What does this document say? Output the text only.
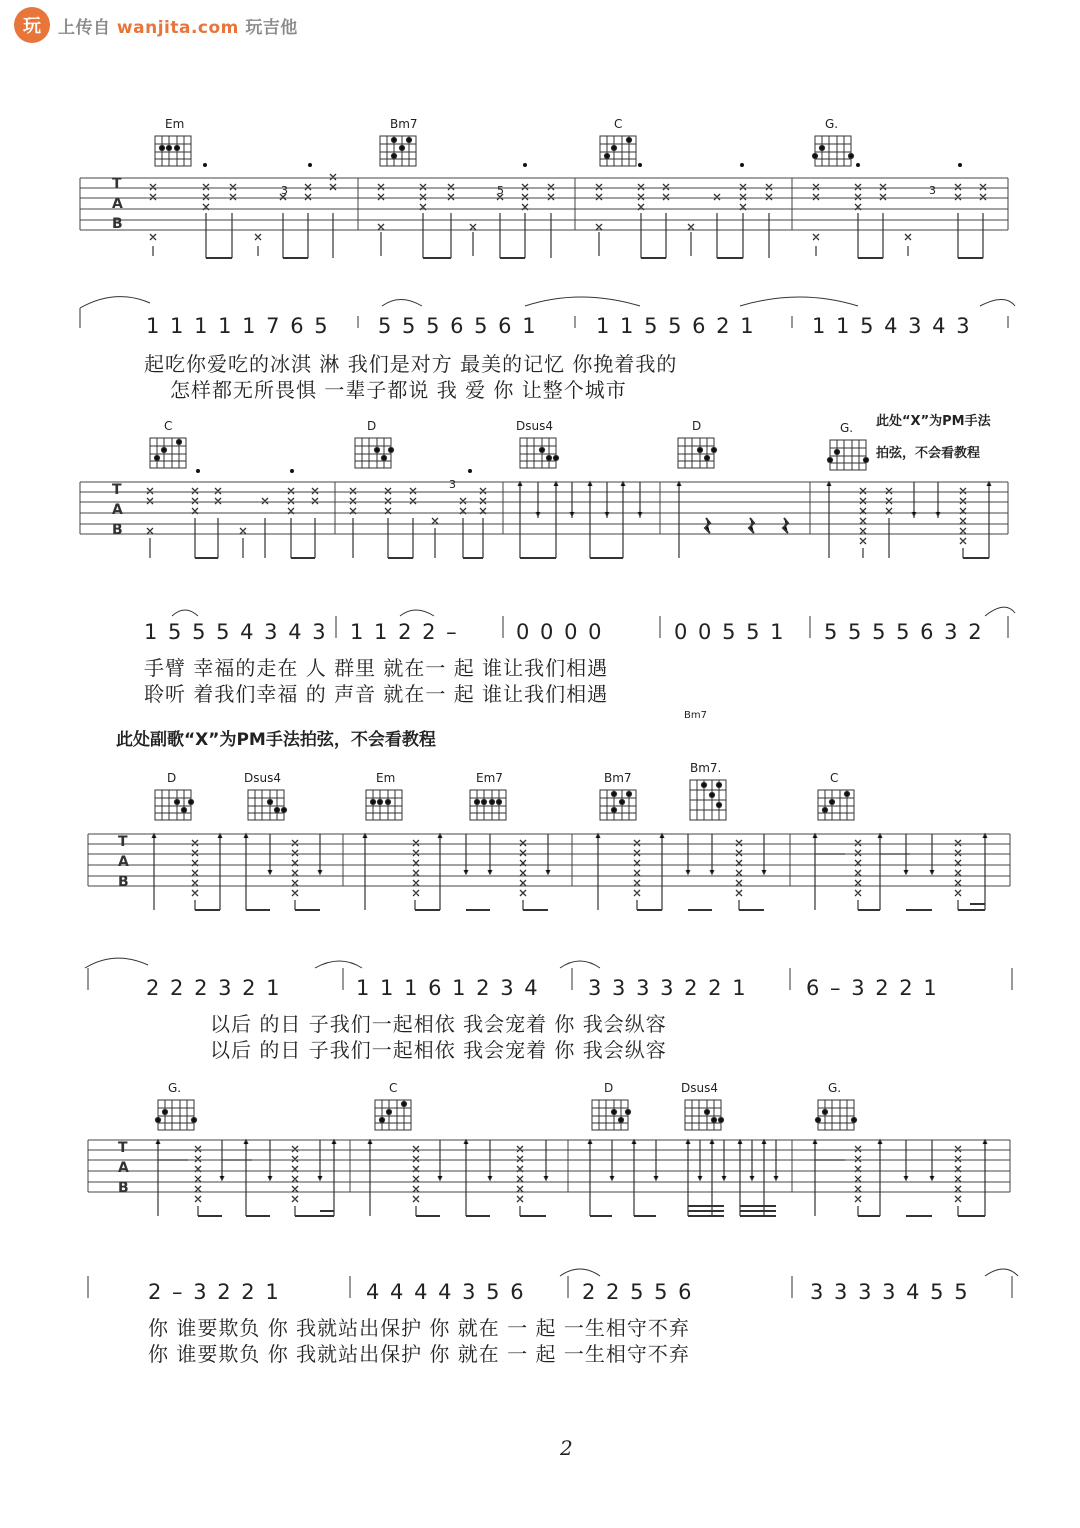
玩	上传自 wanjita.com 玩吉他
Em	Bm7	C	G.
T
A
B
3	5	3
1 1 1 1 1 7 6 5 5 5 5 6 5 6 1	1 1 5 5 6 2 1	1 1 5 4 3 4 3
起吃你爱吃的冰淇 淋 我们是对方 最美的记忆 你挽着我的
怎样都无所畏惧 一辈子都说 我 爱 你 让整个城市
C	D	Dsus4	D	G.
T
A
B
3
此处“X”为PM手法
拍弦，不会看教程
1 5 5 5 4 3 4 3 1 1 2 2 –	0 0 0 0	0 0 5 5 1 5 5 5 5 6 3 2
手臂 幸福的走在 人 群里 就在一 起 谁让我们相遇
聆听 着我们幸福 的 声音 就在一 起 谁让我们相遇
Bm7
此处副歌“X”为PM手法拍弦，不会看教程
D	Dsus4	Em	Em7	Bm7
Bm7.
C
T
A
B
2 2 2 3 2 1	1 1 1 6 1 2 3 4 3 3 3 3 2 2 1	6 – 3 2 2 1
以后 的日 子我们一起相依 我会宠着 你 我会纵容
以后 的日 子我们一起相依 我会宠着 你 我会纵容
G.	C	D	Dsus4	G.
T
A
B
2 – 3 2 2 1	4 4 4 4 3 5 6	2 2 5 5 6	3 3 3 3 4 5 5
你 谁要欺负 你 我就站出保护 你 就在 一 起 一生相守不弃
你 谁要欺负 你 我就站出保护 你 就在 一 起 一生相守不弃
2
